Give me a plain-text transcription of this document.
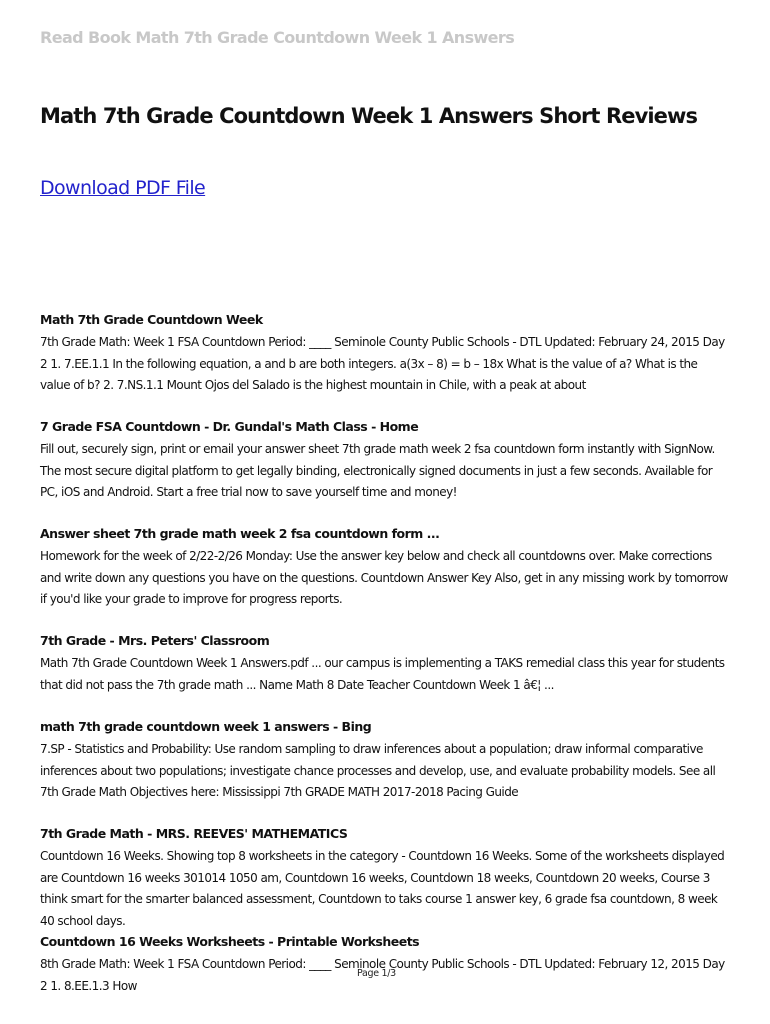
Read Book Math 7th Grade Countdown Week 1 Answers
Math 7th Grade Countdown Week 1 Answers Short Reviews
Download PDF File
Math 7th Grade Countdown Week

7th Grade Math: Week 1 FSA Countdown Period: ____ Seminole County Public Schools - DTL Updated: February 24, 2015 Day 2 1. 7.EE.1.1 In the following equation, a and b are both integers. a(3x – 8) = b – 18x What is the value of a? What is the value of b? 2. 7.NS.1.1 Mount Ojos del Salado is the highest mountain in Chile, with a peak at about

7 Grade FSA Countdown - Dr. Gundal's Math Class - Home

Fill out, securely sign, print or email your answer sheet 7th grade math week 2 fsa countdown form instantly with SignNow. The most secure digital platform to get legally binding, electronically signed documents in just a few seconds. Available for PC, iOS and Android. Start a free trial now to save yourself time and money!

Answer sheet 7th grade math week 2 fsa countdown form ...

Homework for the week of 2/22-2/26 Monday: Use the answer key below and check all countdowns over. Make corrections and write down any questions you have on the questions. Countdown Answer Key Also, get in any missing work by tomorrow if you'd like your grade to improve for progress reports.

7th Grade - Mrs. Peters' Classroom

Math 7th Grade Countdown Week 1 Answers.pdf ... our campus is implementing a TAKS remedial class this year for students that did not pass the 7th grade math ... Name Math 8 Date Teacher Countdown Week 1 â€¦ ...

math 7th grade countdown week 1 answers - Bing

7.SP - Statistics and Probability: Use random sampling to draw inferences about a population; draw informal comparative inferences about two populations; investigate chance processes and develop, use, and evaluate probability models. See all 7th Grade Math Objectives here: Mississippi 7th GRADE MATH 2017-2018 Pacing Guide

7th Grade Math - MRS. REEVES' MATHEMATICS

Countdown 16 Weeks. Showing top 8 worksheets in the category - Countdown 16 Weeks. Some of the worksheets displayed are Countdown 16 weeks 301014 1050 am, Countdown 16 weeks, Countdown 18 weeks, Countdown 20 weeks, Course 3 think smart for the smarter balanced assessment, Countdown to taks course 1 answer key, 6 grade fsa countdown, 8 week 40 school days.

Countdown 16 Weeks Worksheets - Printable Worksheets

8th Grade Math: Week 1 FSA Countdown Period: ____ Seminole County Public Schools - DTL Updated: February 12, 2015 Day 2 1. 8.EE.1.3 How

Page 1/3
